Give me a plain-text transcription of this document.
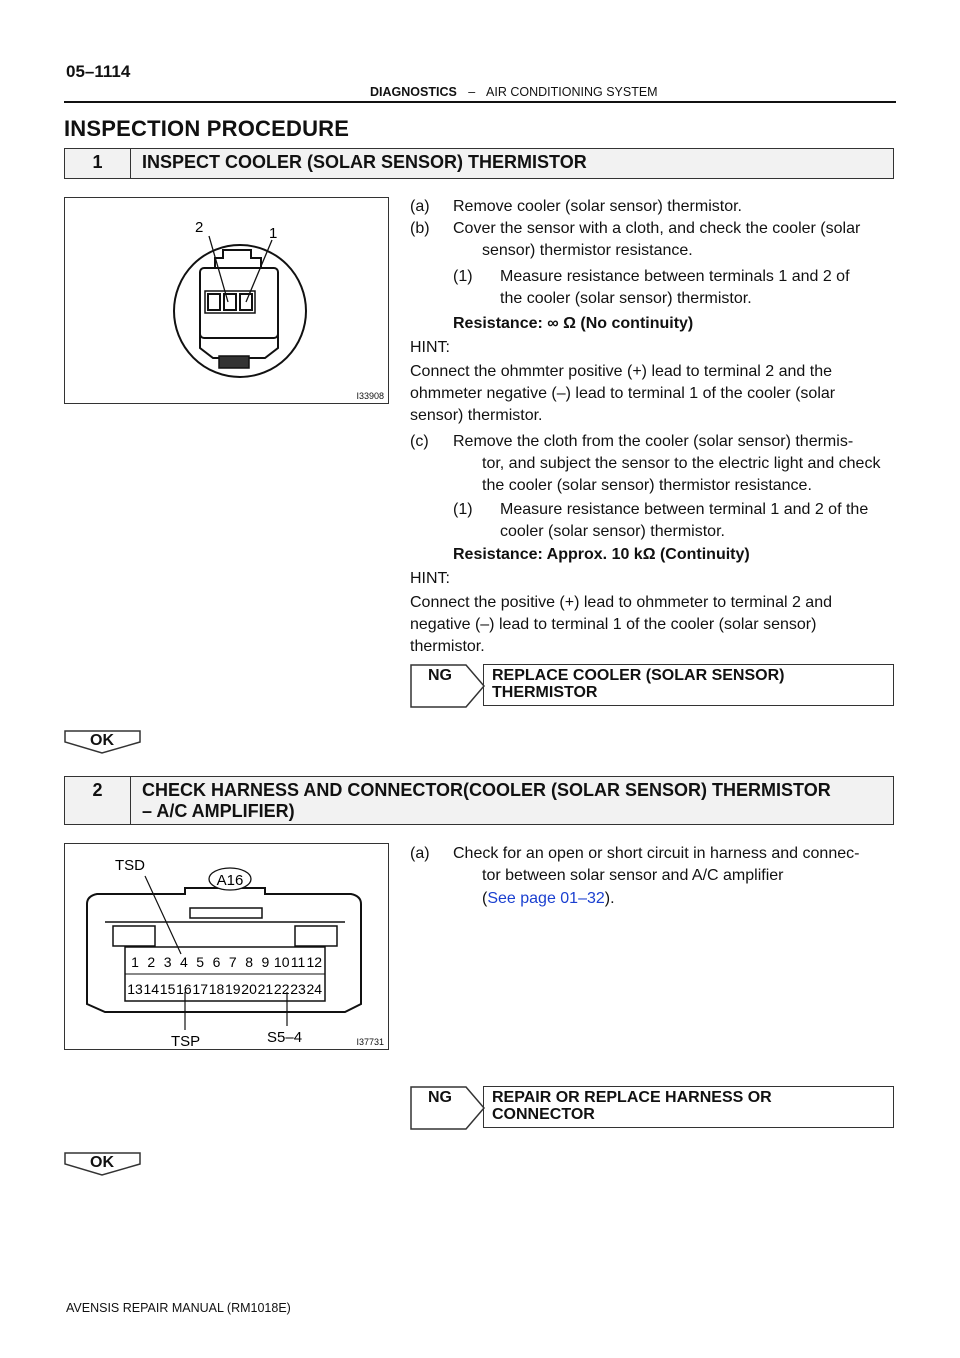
05–1114
DIAGNOSTICS – AIR CONDITIONING SYSTEM
INSPECTION PROCEDURE
1	INSPECT COOLER (SOLAR SENSOR) THERMISTOR
2	1
I33908
(a) Remove cooler (solar sensor) thermistor.
(b) Cover the sensor with a cloth, and check the cooler (solar
sensor) thermistor resistance.
(1) Measure resistance between terminals 1 and 2 of
the cooler (solar sensor) thermistor.
Resistance: ∞ Ω (No continuity)
HINT:
Connect the ohmmter positive (+) lead to terminal 2 and the
ohmmeter negative (–) lead to terminal 1 of the cooler (solar
sensor) thermistor.
(c) Remove the cloth from the cooler (solar sensor) thermis-
tor, and subject the sensor to the electric light and check
the cooler (solar sensor) thermistor resistance.
(1) Measure resistance between terminal 1 and 2 of the
cooler (solar sensor) thermistor.
Resistance: Approx. 10 kΩ (Continuity)
HINT:
Connect the positive (+) lead to ohmmeter to terminal 2 and
negative (–) lead to terminal 1 of the cooler (solar sensor)
thermistor.
NG	REPLACE COOLER (SOLAR SENSOR)
THERMISTOR
OK
2	CHECK HARNESS AND CONNECTOR(COOLER (SOLAR SENSOR) THERMISTOR
– A/C AMPLIFIER)
1 2 3 4 5 6 7 8 9 10 11 12
13 14 15 16 17 18 19 20 21 22 23 24
A16
TSD
TSP	S5–4	I37731
(a) Check for an open or short circuit in harness and connec-
tor between solar sensor and A/C amplifier
(See page 01–32).
NG	REPAIR OR REPLACE HARNESS OR
CONNECTOR
OK
AVENSIS REPAIR MANUAL (RM1018E)
